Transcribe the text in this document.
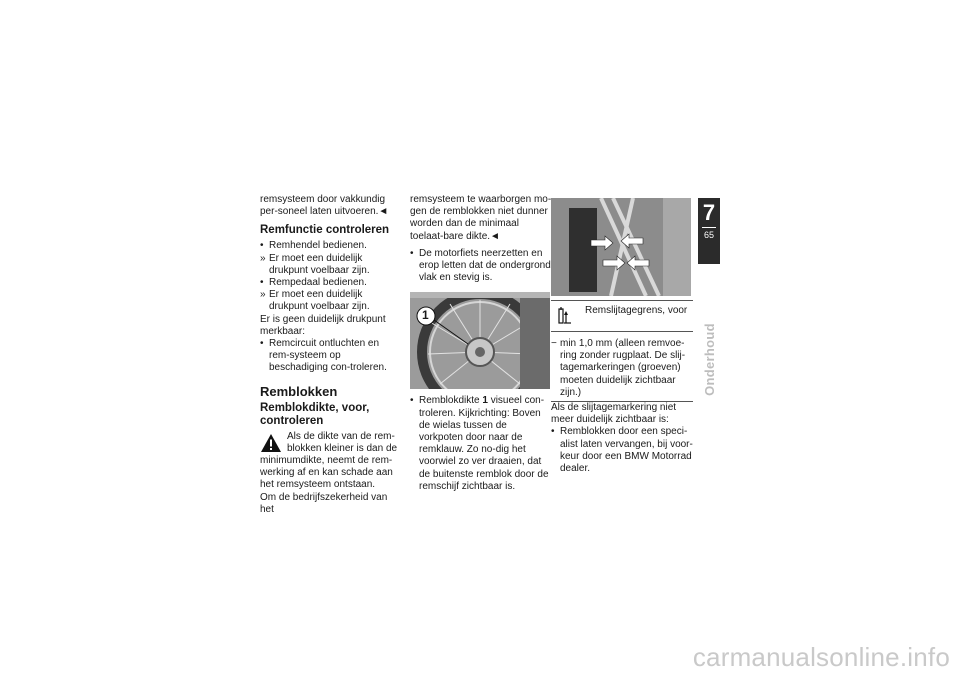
remsysteem door vakkundig per-soneel laten uitvoeren.◄

Remfunctie controleren
• Remhendel bedienen.
» Er moet een duidelijk drukpunt voelbaar zijn.
• Rempedaal bedienen.
» Er moet een duidelijk drukpunt voelbaar zijn.

Er is geen duidelijk drukpunt merkbaar:

• Remcircuit ontluchten en rem-systeem op beschadiging con-troleren.
Remblokken
Remblokdikte, voor, controleren
Als de dikte van de rem-blokken kleiner is dan de minimumdikte, neemt de rem-werking af en kan schade aan het remsysteem ontstaan.

Om de bedrijfszekerheid van het

remsysteem te waarborgen mo-gen de remblokken niet dunner worden dan de minimaal toelaat-bare dikte.◄

• De motorfiets neerzetten en erop letten dat de ondergrond vlak en stevig is.
1
• Remblokdikte 1 visueel con-troleren. Kijkrichting: Boven de wielas tussen de vorkpoten door naar de remklauw. Zo no-dig het voorwiel zo ver draaien, dat de buitenste remblok door de remschijf zichtbaar is.
Remslijtagegrens, voor
− min 1,0 mm (alleen remvoe-ring zonder rugplaat. De slij-tagemarkeringen (groeven) moeten duidelijk zichtbaar zijn.)

Als de slijtagemarkering niet meer duidelijk zichtbaar is:

• Remblokken door een speci-alist laten vervangen, bij voor-keur door een BMW Motorrad dealer.
7
65
Onderhoud
carmanualsonline.info
